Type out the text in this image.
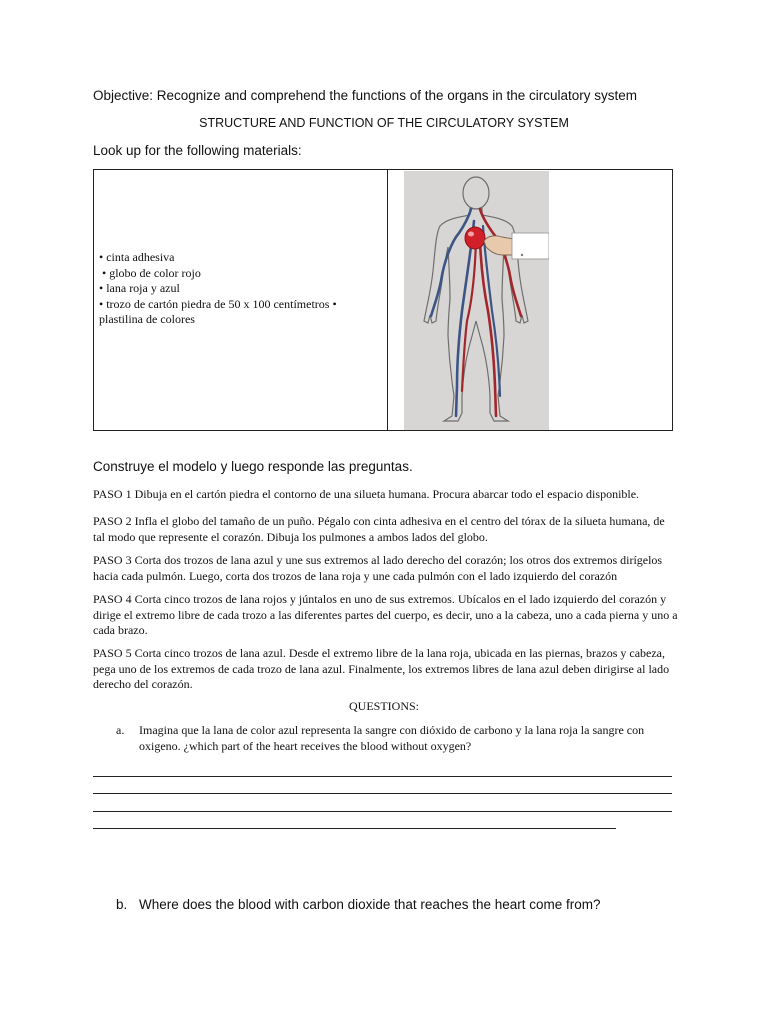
Objective: Recognize and comprehend the functions of the organs in the circulatory system
STRUCTURE AND FUNCTION OF THE CIRCULATORY SYSTEM
Look up for the following materials:
• cinta adhesiva
• globo de color rojo
• lana roja y azul
• trozo de cartón piedra de 50 x 100 centímetros •
plastilina de colores
Construye el modelo y luego responde las preguntas.
PASO 1 Dibuja en el cartón piedra el contorno de una silueta humana. Procura abarcar todo el espacio disponible.
PASO 2 Infla el globo del tamaño de un puño. Pégalo con cinta adhesiva en el centro del tórax de la silueta humana, de tal modo que represente el corazón. Dibuja los pulmones a ambos lados del globo.
PASO 3 Corta dos trozos de lana azul y une sus extremos al lado derecho del corazón; los otros dos extremos dirígelos hacia cada pulmón. Luego, corta dos trozos de lana roja y une cada pulmón con el lado izquierdo del corazón
PASO 4 Corta cinco trozos de lana rojos y júntalos en uno de sus extremos. Ubícalos en el lado izquierdo del corazón y dirige el extremo libre de cada trozo a las diferentes partes del cuerpo, es decir, uno a la cabeza, uno a cada pierna y uno a cada brazo.
PASO 5 Corta cinco trozos de lana azul. Desde el extremo libre de la lana roja, ubicada en las piernas, brazos y cabeza, pega uno de los extremos de cada trozo de lana azul. Finalmente, los extremos libres de lana azul deben dirigirse al lado derecho del corazón.
QUESTIONS:
a. Imagina que la lana de color azul representa la sangre con dióxido de carbono y la lana roja la sangre con oxigeno. ¿which part of the heart receives the blood without oxygen?
b. Where does the blood with carbon dioxide that reaches the heart come from?
